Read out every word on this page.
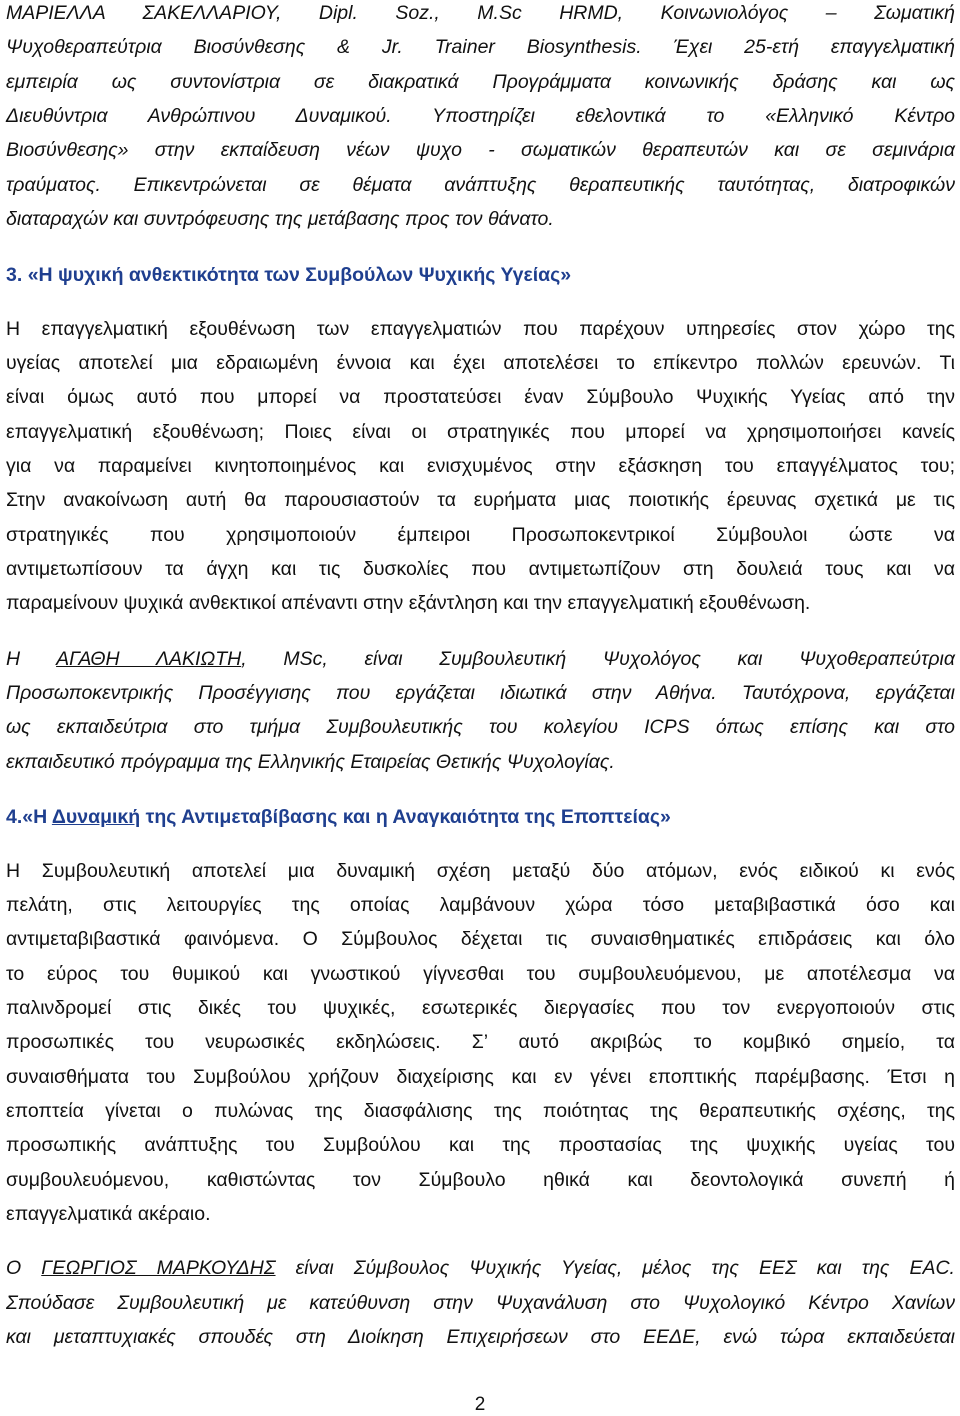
ΜΑΡΙΕΛΛΑ ΣΑΚΕΛΛΑΡΙΟΥ, Dipl. Soz., M.Sc HRMD, Κοινωνιολόγος – Σωματική
Ψυχοθεραπεύτρια Βιοσύνθεσης & Jr. Trainer Biosynthesis. Έχει 25-ετή επαγγελματική
εμπειρία ως συντονίστρια σε διακρατικά Προγράμματα κοινωνικής δράσης και ως
Διευθύντρια Ανθρώπινου Δυναμικού. Υποστηρίζει εθελοντικά το «Ελληνικό Κέντρο
Βιοσύνθεσης» στην εκπαίδευση νέων ψυχο - σωματικών θεραπευτών και σε σεμινάρια
τραύματος. Επικεντρώνεται σε θέματα ανάπτυξης θεραπευτικής ταυτότητας, διατροφικών
διαταραχών και συντρόφευσης της μετάβασης προς τον θάνατο.
3. «Η ψυχική ανθεκτικότητα των Συμβούλων Ψυχικής Υγείας»
Η επαγγελματική εξουθένωση των επαγγελματιών που παρέχουν υπηρεσίες στον χώρο της
υγείας αποτελεί μια εδραιωμένη έννοια και έχει αποτελέσει το επίκεντρο πολλών ερευνών. Τι
είναι όμως αυτό που μπορεί να προστατεύσει έναν Σύμβουλο Ψυχικής Υγείας από την
επαγγελματική εξουθένωση; Ποιες είναι οι στρατηγικές που μπορεί να χρησιμοποιήσει κανείς
για να παραμείνει κινητοποιημένος και ενισχυμένος στην εξάσκηση του επαγγέλματος του;
Στην ανακοίνωση αυτή θα παρουσιαστούν τα ευρήματα μιας ποιοτικής έρευνας σχετικά με τις
στρατηγικές που χρησιμοποιούν έμπειροι Προσωποκεντρικοί Σύμβουλοι ώστε να
αντιμετωπίσουν τα άγχη και τις δυσκολίες που αντιμετωπίζουν στη δουλειά τους και να
παραμείνουν ψυχικά ανθεκτικοί απέναντι στην εξάντληση και την επαγγελματική εξουθένωση.
Η ΑΓΑΘΗ ΛΑΚΙΩΤΗ, MSc, είναι Συμβουλευτική Ψυχολόγος και Ψυχοθεραπεύτρια
Προσωποκεντρικής Προσέγγισης που εργάζεται ιδιωτικά στην Αθήνα. Ταυτόχρονα, εργάζεται
ως εκπαιδεύτρια στο τμήμα Συμβουλευτικής του κολεγίου ICPS όπως επίσης και στο
εκπαιδευτικό πρόγραμμα της Ελληνικής Εταιρείας Θετικής Ψυχολογίας.
4.«Η Δυναμική της Αντιμεταβίβασης και η Αναγκαιότητα της Εποπτείας»
Η Συμβουλευτική αποτελεί μια δυναμική σχέση μεταξύ δύο ατόμων, ενός ειδικού κι ενός
πελάτη, στις λειτουργίες της οποίας λαμβάνουν χώρα τόσο μεταβιβαστικά όσο και
αντιμεταβιβαστικά φαινόμενα. Ο Σύμβουλος δέχεται τις συναισθηματικές επιδράσεις και όλο
το εύρος του θυμικού και γνωστικού γίγνεσθαι του συμβουλευόμενου, με αποτέλεσμα να
παλινδρομεί στις δικές του ψυχικές, εσωτερικές διεργασίες που τον ενεργοποιούν στις
προσωπικές του νευρωσικές εκδηλώσεις. Σ’ αυτό ακριβώς το κομβικό σημείο, τα
συναισθήματα του Συμβούλου χρήζουν διαχείρισης και εν γένει εποπτικής παρέμβασης. Έτσι η
εποπτεία γίνεται ο πυλώνας της διασφάλισης της ποιότητας της θεραπευτικής σχέσης, της
προσωπικής ανάπτυξης του Συμβούλου και της προστασίας της ψυχικής υγείας του
συμβουλευόμενου, καθιστώντας τον Σύμβουλο ηθικά και δεοντολογικά συνεπή ή
επαγγελματικά ακέραιο.
Ο ΓΕΩΡΓΙΟΣ ΜΑΡΚΟΥΔΗΣ είναι Σύμβουλος Ψυχικής Υγείας, μέλος της ΕΕΣ και της EAC.
Σπούδασε Συμβουλευτική με κατεύθυνση στην Ψυχανάλυση στο Ψυχολογικό Κέντρο Χανίων
και μεταπτυχιακές σπουδές στη Διοίκηση Επιχειρήσεων στο ΕΕΔΕ, ενώ τώρα εκπαιδεύεται
2
